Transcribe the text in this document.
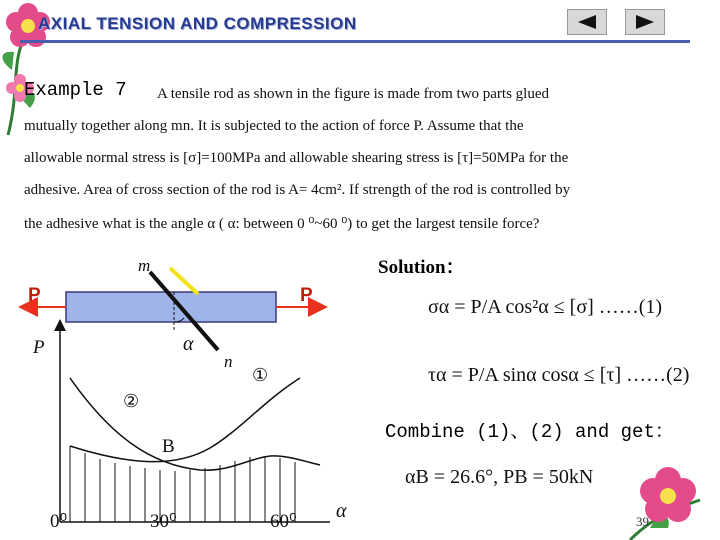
AXIAL TENSION AND COMPRESSION
Example 7 A tensile rod as shown in the figure is made from two parts glued
mutually together along mn. It is subjected to the action of force P. Assume that the
allowable normal stress is [σ]=100MPa and allowable shearing stress is [τ]=50MPa for the
adhesive. Area of cross section of the rod is A= 4cm². If strength of the rod is controlled by
the adhesive what is the angle α ( α: between 0 ⁰~60 ⁰) to get the largest tensile force?
m
P	P
P	α
n
①
②
B
0⁰	30⁰	60⁰ α
Solution：
σα = P/A cos²α ≤ [σ] ……(1)
τα = P/A sinα cosα ≤ [τ] ……(2)
Combine (1)、(2) and get：
αB = 26.6°, PB = 50kN
39
